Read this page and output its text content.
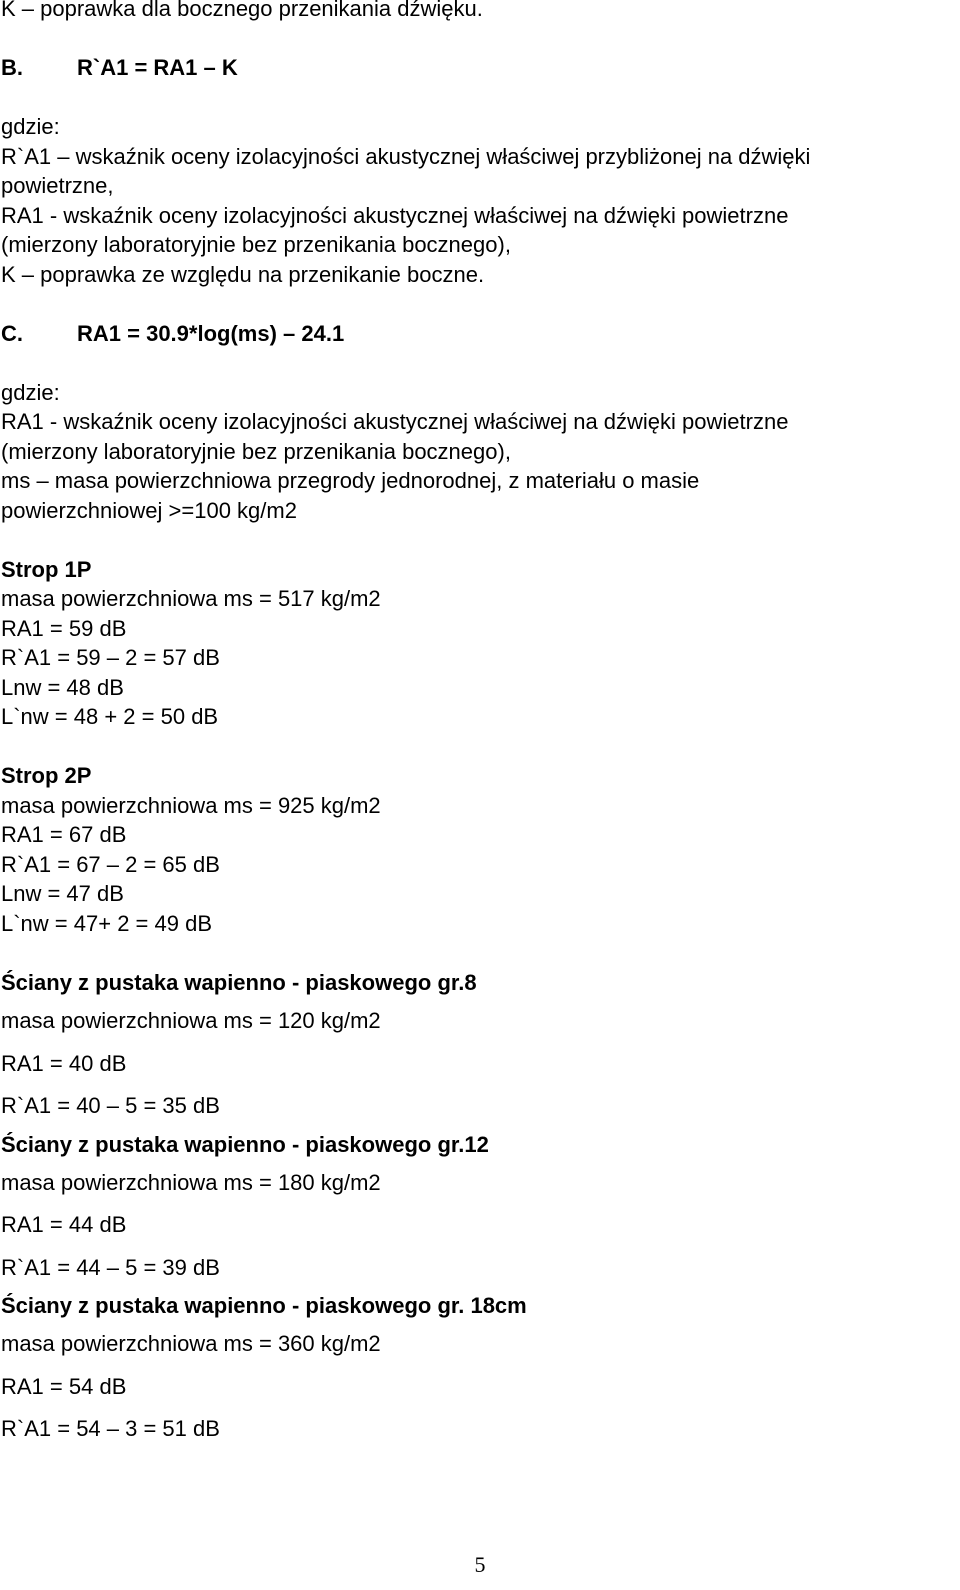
K – poprawka dla bocznego przenikania dźwięku.

B.	R`A1 = RA1 – K

gdzie:

R`A1 – wskaźnik oceny izolacyjności akustycznej właściwej przybliżonej na dźwięki

powietrzne,

RA1 - wskaźnik oceny izolacyjności akustycznej właściwej na dźwięki powietrzne

(mierzony laboratoryjnie bez przenikania bocznego),

K – poprawka ze względu na przenikanie boczne.

C.	RA1 = 30.9*log(ms) – 24.1

gdzie:

RA1 - wskaźnik oceny izolacyjności akustycznej właściwej na dźwięki powietrzne

(mierzony laboratoryjnie bez przenikania bocznego),

ms – masa powierzchniowa przegrody jednorodnej, z materiału o masie

powierzchniowej >=100 kg/m2

Strop 1P

masa powierzchniowa ms = 517 kg/m2

RA1 = 59 dB

R`A1 = 59 – 2 = 57 dB

Lnw = 48 dB

L`nw = 48 + 2 = 50 dB

Strop 2P

masa powierzchniowa ms = 925 kg/m2

RA1 = 67 dB

R`A1 = 67 – 2 = 65 dB

Lnw = 47 dB

L`nw = 47+ 2 = 49 dB

Ściany z pustaka wapienno - piaskowego gr.8

masa powierzchniowa ms = 120 kg/m2

RA1 = 40 dB

R`A1 = 40 – 5 = 35 dB

Ściany z pustaka wapienno - piaskowego gr.12

masa powierzchniowa ms = 180 kg/m2

RA1 = 44 dB

R`A1 = 44 – 5 = 39 dB

Ściany z pustaka wapienno - piaskowego gr. 18cm

masa powierzchniowa ms = 360 kg/m2

RA1 = 54 dB

R`A1 = 54 – 3 = 51 dB

5
